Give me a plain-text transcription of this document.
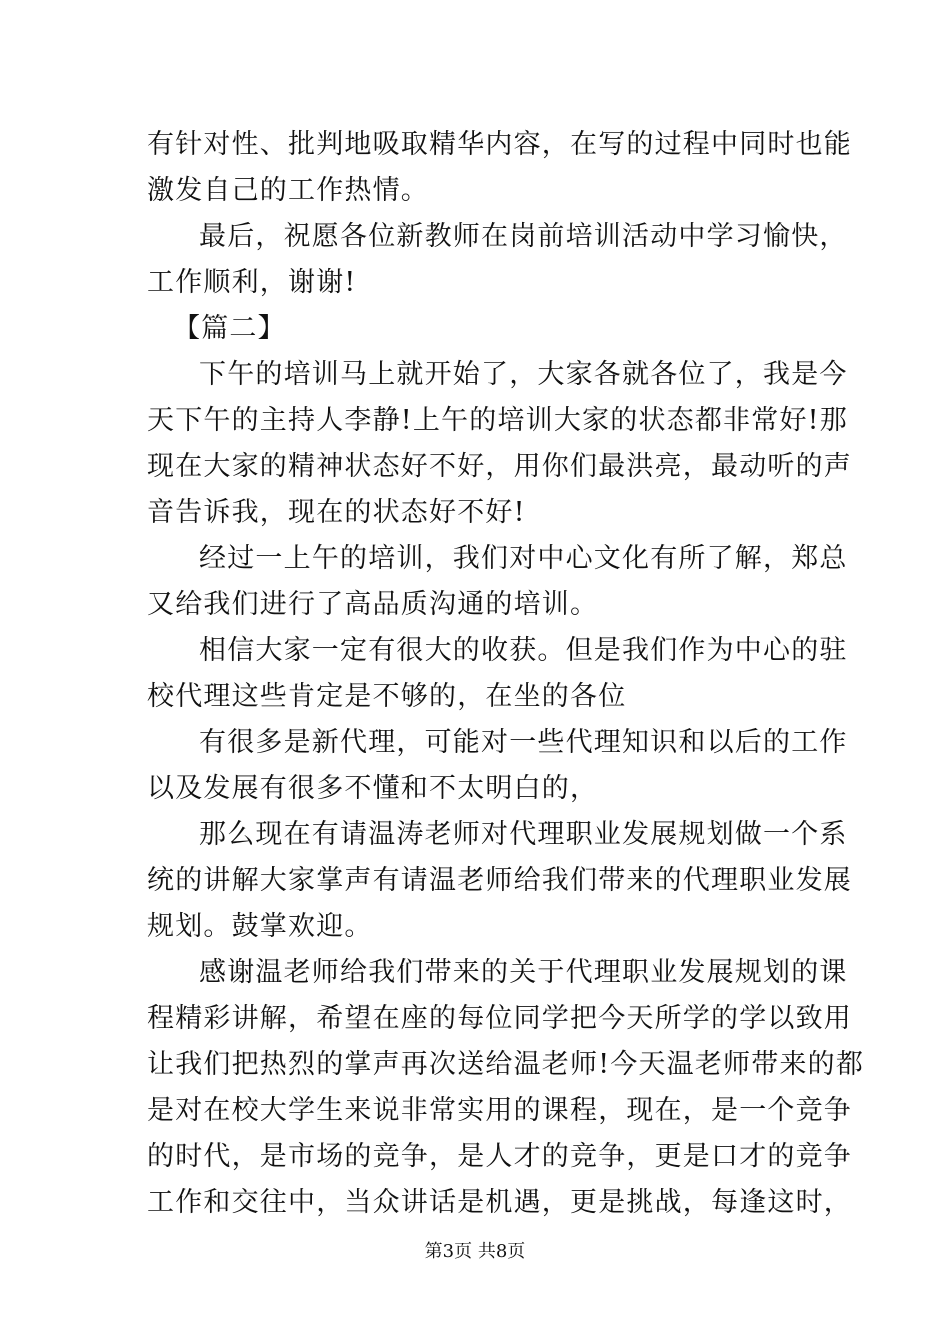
有针对性、批判地吸取精华内容，在写的过程中同时也能
激发自己的工作热情。
最后，祝愿各位新教师在岗前培训活动中学习愉快，
工作顺利，谢谢!
【篇二】
下午的培训马上就开始了，大家各就各位了，我是今
天下午的主持人李静!上午的培训大家的状态都非常好!那
现在大家的精神状态好不好，用你们最洪亮，最动听的声
音告诉我，现在的状态好不好!
经过一上午的培训，我们对中心文化有所了解，郑总
又给我们进行了高品质沟通的培训。
相信大家一定有很大的收获。但是我们作为中心的驻
校代理这些肯定是不够的，在坐的各位
有很多是新代理，可能对一些代理知识和以后的工作
以及发展有很多不懂和不太明白的，
那么现在有请温涛老师对代理职业发展规划做一个系
统的讲解大家掌声有请温老师给我们带来的代理职业发展
规划。鼓掌欢迎。
感谢温老师给我们带来的关于代理职业发展规划的课
程精彩讲解，希望在座的每位同学把今天所学的学以致用
让我们把热烈的掌声再次送给温老师!今天温老师带来的都
是对在校大学生来说非常实用的课程，现在，是一个竞争
的时代，是市场的竞争，是人才的竞争，更是口才的竞争
工作和交往中，当众讲话是机遇，更是挑战，每逢这时，
第3页 共8页
